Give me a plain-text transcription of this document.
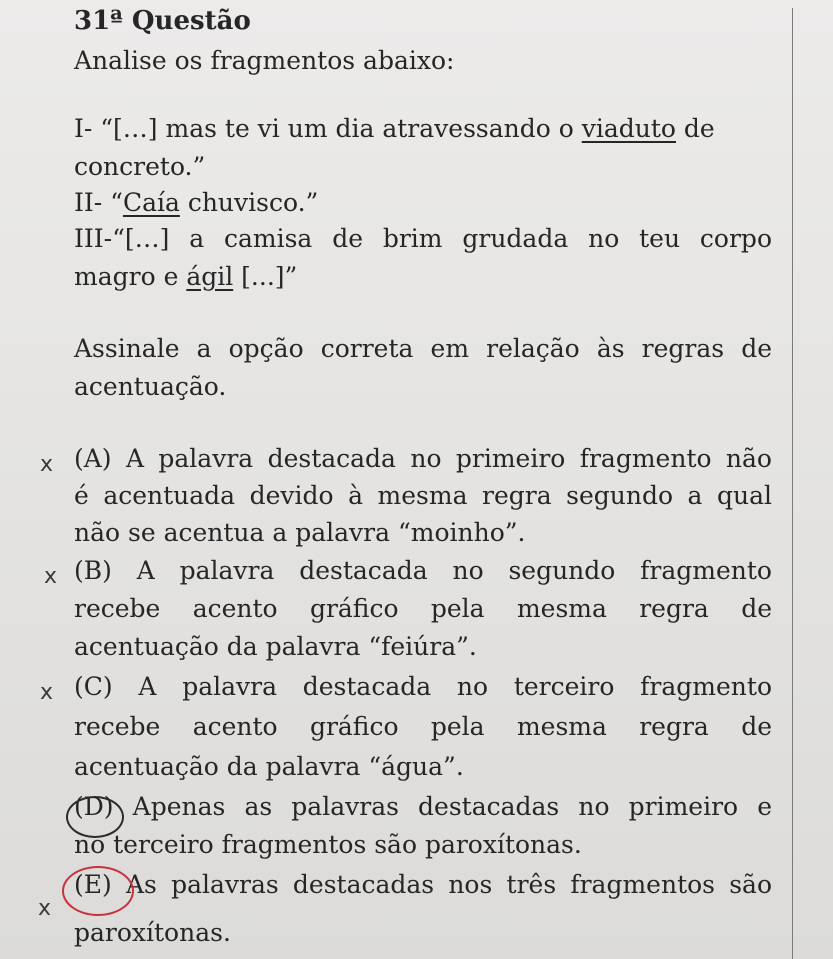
31ª Questão
Analise os fragmentos abaixo:
I- “[…] mas te vi um dia atravessando o viaduto de
concreto.”
II- “Caía chuvisco.”
III-“[…] a camisa de brim grudada no teu corpo
magro e ágil [...]”
Assinale a opção correta em relação às regras de
acentuação.
(A) A palavra destacada no primeiro fragmento não
é acentuada devido à mesma regra segundo a qual
não se acentua a palavra “moinho”.
(B) A palavra destacada no segundo fragmento
recebe acento gráfico pela mesma regra de
acentuação da palavra “feiúra”.
(C) A palavra destacada no terceiro fragmento
recebe acento gráfico pela mesma regra de
acentuação da palavra “água”.
(D) Apenas as palavras destacadas no primeiro e
no terceiro fragmentos são paroxítonas.
(E) As palavras destacadas nos três fragmentos são
paroxítonas.
x
x
x
x
